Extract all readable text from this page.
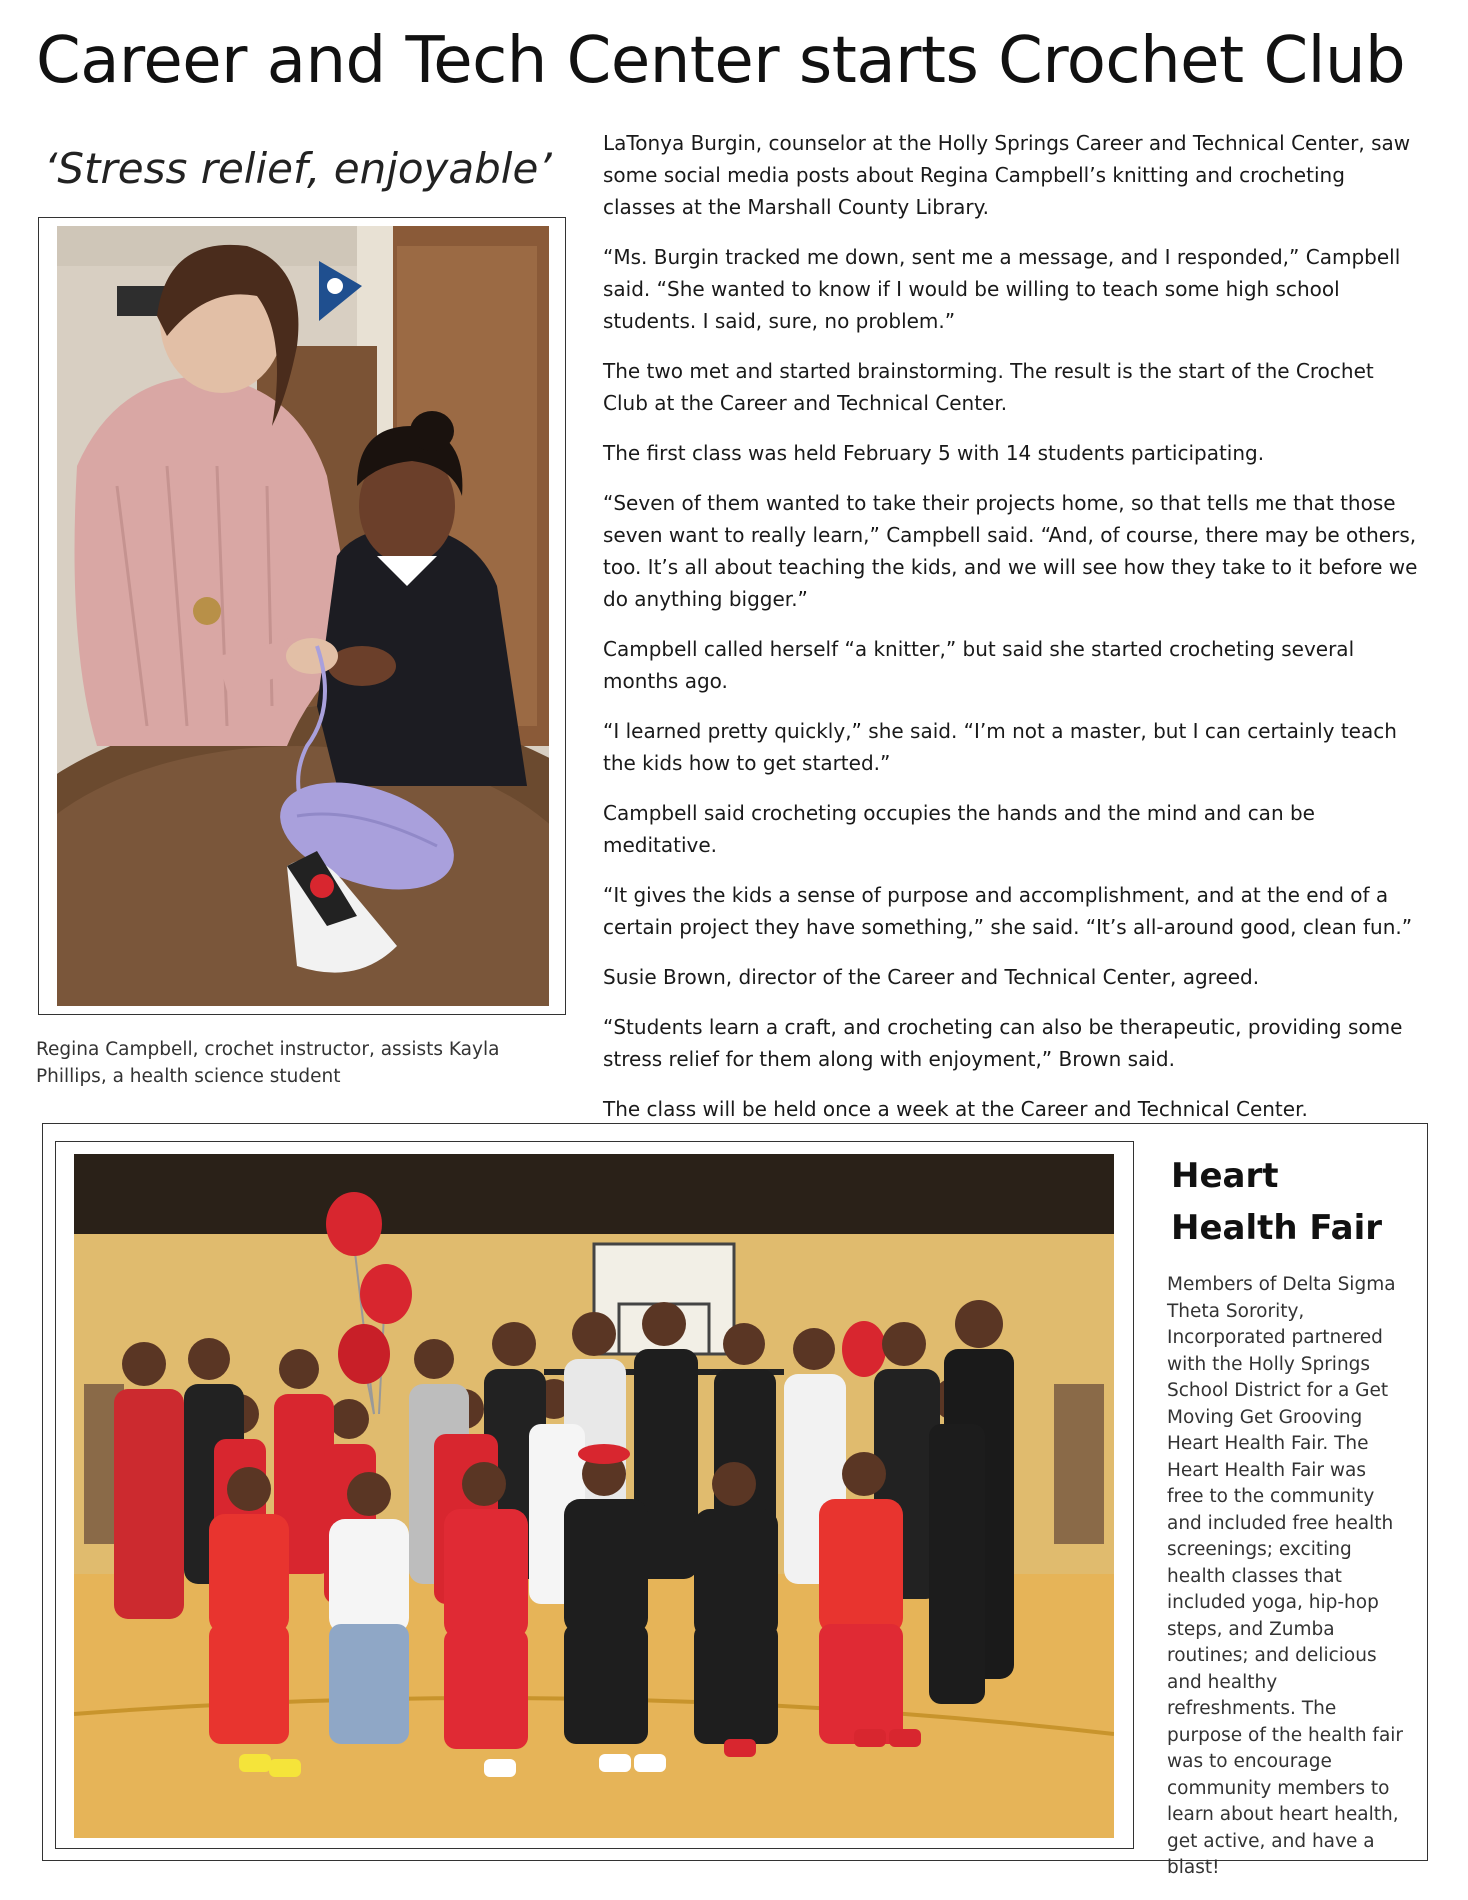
Career and Tech Center starts Crochet Club
‘Stress relief, enjoyable’
Regina Campbell, crochet instructor, assists Kayla Phillips, a health science student

LaTonya Burgin, counselor at the Holly Springs Career and Technical Center, saw some social media posts about Regina Campbell’s knitting and crocheting classes at the Marshall County Library.

“Ms. Burgin tracked me down, sent me a message, and I responded,” Campbell said. “She wanted to know if I would be willing to teach some high school students. I said, sure, no problem.”

The two met and started brainstorming. The result is the start of the Crochet Club at the Career and Technical Center.

The first class was held February 5 with 14 students participating.

“Seven of them wanted to take their projects home, so that tells me that those seven want to really learn,” Campbell said. “And, of course, there may be others, too. It’s all about teaching the kids, and we will see how they take to it before we do anything bigger.”

Campbell called herself “a knitter,” but said she started crocheting several months ago.

“I learned pretty quickly,” she said. “I’m not a master, but I can certainly teach the kids how to get started.”

Campbell said crocheting occupies the hands and the mind and can be meditative.

“It gives the kids a sense of purpose and accomplishment, and at the end of a certain project they have something,” she said. “It’s all-around good, clean fun.”

Susie Brown, director of the Career and Technical Center, agreed.

“Students learn a craft, and crocheting can also be therapeutic, providing some stress relief for them along with enjoyment,” Brown said.

The class will be held once a week at the Career and Technical Center.

Heart
Health Fair
Members of Delta Sigma Theta Sorority, Incorporated partnered with the Holly Springs School District for a Get Moving Get Grooving Heart Health Fair. The Heart Health Fair was free to the community and included free health screenings; exciting health classes that included yoga, hip-hop steps, and Zumba routines; and delicious and healthy refreshments. The purpose of the health fair was to encourage community members to learn about heart health, get active, and have a blast!
